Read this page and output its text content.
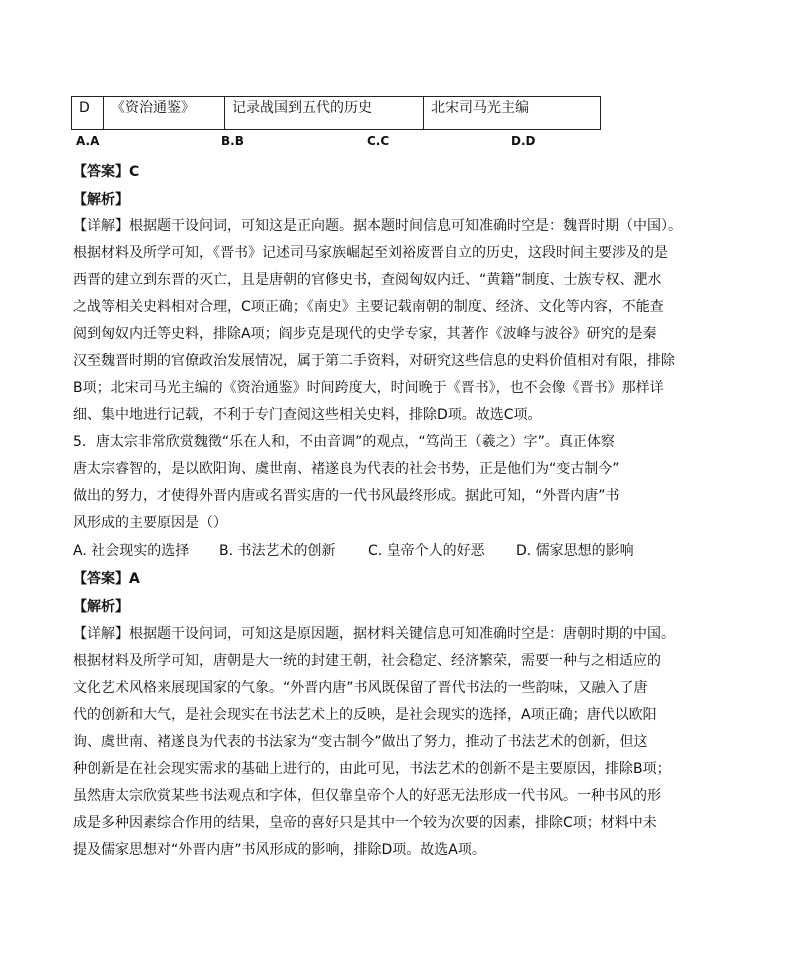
D	《资治通鉴》	记录战国到五代的历史	北宋司马光主编
A.A	B.B	C.C	D.D
【答案】C
【解析】
【详解】根据题干设问词，可知这是正向题。据本题时间信息可知准确时空是：魏晋时期（中国）。
根据材料及所学可知，《晋书》记述司马家族崛起至刘裕废晋自立的历史，这段时间主要涉及的是
西晋的建立到东晋的灭亡，且是唐朝的官修史书，查阅匈奴内迁、“黄籍”制度、士族专权、淝水
之战等相关史料相对合理，C项正确；《南史》主要记载南朝的制度、经济、文化等内容，不能查
阅到匈奴内迁等史料，排除A项；阎步克是现代的史学专家，其著作《波峰与波谷》研究的是秦
汉至魏晋时期的官僚政治发展情况，属于第二手资料，对研究这些信息的史料价值相对有限，排除
B项；北宋司马光主编的《资治通鉴》时间跨度大，时间晚于《晋书》，也不会像《晋书》那样详
细、集中地进行记载，不利于专门查阅这些相关史料，排除D项。故选C项。
5．唐太宗非常欣赏魏徵“乐在人和，不由音调”的观点，“笃尚王（羲之）字”。真正体察
唐太宗睿智的，是以欧阳询、虞世南、褚遂良为代表的社会书势，正是他们为“变古制今”
做出的努力，才使得外晋内唐或名晋实唐的一代书风最终形成。据此可知，“外晋内唐”书
风形成的主要原因是（）
A. 社会现实的选择 B. 书法艺术的创新 C. 皇帝个人的好恶 D. 儒家思想的影响
【答案】A
【解析】
【详解】根据题干设问词，可知这是原因题，据材料关键信息可知准确时空是：唐朝时期的中国。
根据材料及所学可知，唐朝是大一统的封建王朝，社会稳定、经济繁荣，需要一种与之相适应的
文化艺术风格来展现国家的气象。“外晋内唐”书风既保留了晋代书法的一些韵味，又融入了唐
代的创新和大气，是社会现实在书法艺术上的反映，是社会现实的选择，A项正确；唐代以欧阳
询、虞世南、褚遂良为代表的书法家为“变古制今”做出了努力，推动了书法艺术的创新，但这
种创新是在社会现实需求的基础上进行的，由此可见，书法艺术的创新不是主要原因，排除B项；
虽然唐太宗欣赏某些书法观点和字体，但仅靠皇帝个人的好恶无法形成一代书风。一种书风的形
成是多种因素综合作用的结果，皇帝的喜好只是其中一个较为次要的因素，排除C项；材料中未
提及儒家思想对“外晋内唐”书风形成的影响，排除D项。故选A项。
